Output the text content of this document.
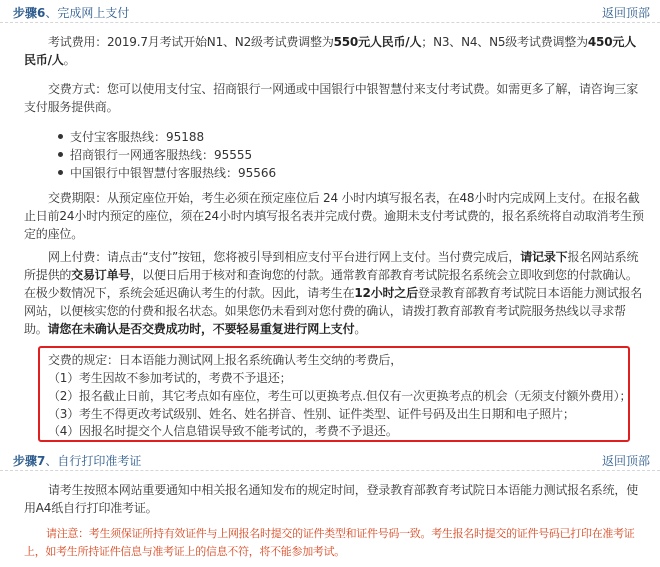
步骤6、完成网上支付	返回顶部

考试费用：2019.7月考试开始N1、N2级考试费调整为550元人民币/人；N3、N4、N5级考试费调整为450元人民币/人。

交费方式：您可以使用支付宝、招商银行一网通或中国银行中银智慧付来支付考试费。如需更多了解，请咨询三家支付服务提供商。

支付宝客服热线：95188
招商银行一网通客服热线：95555
中国银行中银智慧付客服热线：95566

交费期限：从预定座位开始，考生必须在预定座位后 24 小时内填写报名表，在48小时内完成网上支付。在报名截止日前24小时内预定的座位，须在24小时内填写报名表并完成付费。逾期未支付考试费的，报名系统将自动取消考生预定的座位。

网上付费：请点击“支付”按钮，您将被引导到相应支付平台进行网上支付。当付费完成后，请记录下报名网站系统所提供的交易订单号，以便日后用于核对和查询您的付款。通常教育部教育考试院报名系统会立即收到您的付款确认。在极少数情况下，系统会延迟确认考生的付款。因此，请考生在12小时之后登录教育部教育考试院日本语能力测试报名网站，以便核实您的付费和报名状态。如果您仍未看到对您付费的确认，请拨打教育部教育考试院服务热线以寻求帮助。请您在未确认是否交费成功时，不要轻易重复进行网上支付。

交费的规定：日本语能力测试网上报名系统确认考生交纳的考费后，
（1）考生因故不参加考试的，考费不予退还；
（2）报名截止日前，其它考点如有座位，考生可以更换考点.但仅有一次更换考点的机会（无须支付额外费用）；
（3）考生不得更改考试级别、姓名、姓名拼音、性别、证件类型、证件号码及出生日期和电子照片；
（4）因报名时提交个人信息错误导致不能考试的，考费不予退还。
步骤7、自行打印准考证	返回顶部

请考生按照本网站重要通知中相关报名通知发布的规定时间，登录教育部教育考试院日本语能力测试报名系统，使用A4纸自行打印准考证。

请注意：考生须保证所持有效证件与上网报名时提交的证件类型和证件号码一致。考生报名时提交的证件号码已打印在准考证上，如考生所持证件信息与准考证上的信息不符，将不能参加考试。
